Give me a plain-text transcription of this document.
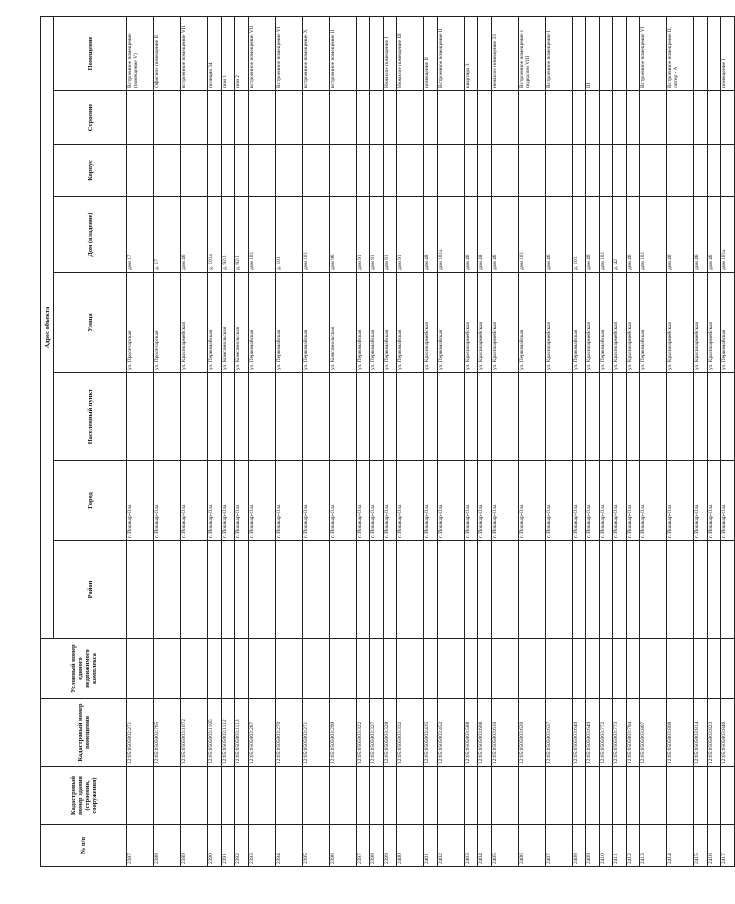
№ п/п	Кадастровый номер здания (строения, сооружения)	Кадастровый номер помещения	Условный номер единого недвижимого комплекса	Адрес объекта							
				Район	Город	Населенный пункт	Улица	Дом (владение)	Корпус	Строение	Помещение
2387		12:05:0505002:271			г. Йошкар-Ола		ул. Пролетарская	дом 17			Встроенное помещение (помещение V)
2388		12:05:0505002:765			г. Йошкар-Ола		ул. Пролетарская	д. 17			Офисное помещение II
2389		12:05:0505003:1072			г. Йошкар-Ола		ул. Красноармейская	дом 46			встроенное помещение VII
2390		12:05:0505003:1105			г. Йошкар-Ола		ул. Первомайская	д. 101а			позиция 34
2391		12:05:0505003:1112			г. Йошкар-Ола		ул. Комсомольская	д. 92/1			пом 1
2392		12:05:0505003:1113			г. Йошкар-Ола		ул. Комсомольская	д. 92/1			пом 2
2393		12:05:0505003:267			г. Йошкар-Ола		ул. Первомайская	дом 101			встроенное помещение VII
2394		12:05:0505003:270			г. Йошкар-Ола		ул. Первомайская	д. 101			Встроенное помещение VI
2395		12:05:0505003:271			г. Йошкар-Ола		ул. Первомайская	дом 101			встроенное помещение X
2396		12:05:0505003:299			г. Йошкар-Ола		ул. Комсомольская	дом 96			встроенное помещение II
2397		12:05:0505003:322			г. Йошкар-Ола		ул. Первомайская	дом 91			
2398		12:05:0505003:327			г. Йошкар-Ола		ул. Первомайская	дом 91			
2399		12:05:0505003:328			г. Йошкар-Ола		ул. Первомайская	дом 91			Нежилое помещение I
2400		12:05:0505003:332			г. Йошкар-Ола		ул. Первомайская	дом 91			Нежилое помещение III
2401		12:05:0505003:435			г. Йошкар-Ола		ул. Красноармейская	дом 48			помещение II
2402		12:05:0505003:452			г. Йошкар-Ола		ул. Первомайская	дом 101а			Встроенное помещение II
2403		12:05:0505003:588			г. Йошкар-Ола		ул. Красноармейская	дом 46			квартира 3
2404		12:05:0505003:608			г. Йошкар-Ола		ул. Красноармейская	дом 48			
2405		12:05:0505003:610			г. Йошкар-Ола		ул. Красноармейская	дом 46			нежилое помещение 33
2406		12:05:0505003:620			г. Йошкар-Ола		ул. Первомайская	дом 101			Встроенное помещение с подвалом VIII
2407		12:05:0505003:637			г. Йошкар-Ола		ул. Красноармейская	дом 46			Встроенное помещение I
2408		12:05:0505003:640			г. Йошкар-Ола		ул. Первомайская	д. 101			
2409		12:05:0505003:649			г. Йошкар-Ола		ул. Красноармейская	дом 40			III
2410		12:05:0505003:772			г. Йошкар-Ола		ул. Первомайская	дом 101			
2411		12:05:0505003:773			г. Йошкар-Ола		ул. Красноармейская	д. 42			
2412		12:05:0505003:794			г. Йошкар-Ола		ул. Красноармейская	дом 46			
2413		12:05:0505003:807			г. Йошкар-Ола		ул. Первомайская	дом 101			Встроенное помещение VI
2414		12:05:0505003:808			г. Йошкар-Ола		ул. Красноармейская	дом 40			Встроенное помещение II, литер - А
2415		12:05:0505003:814			г. Йошкар-Ола		ул. Красноармейская	дом 46			
2416		12:05:0505003:823			г. Йошкар-Ола		ул. Красноармейская	дом 46			
2417		12:05:0505003:846			г. Йошкар-Ола		ул. Первомайская	дом 101а			помещение I
